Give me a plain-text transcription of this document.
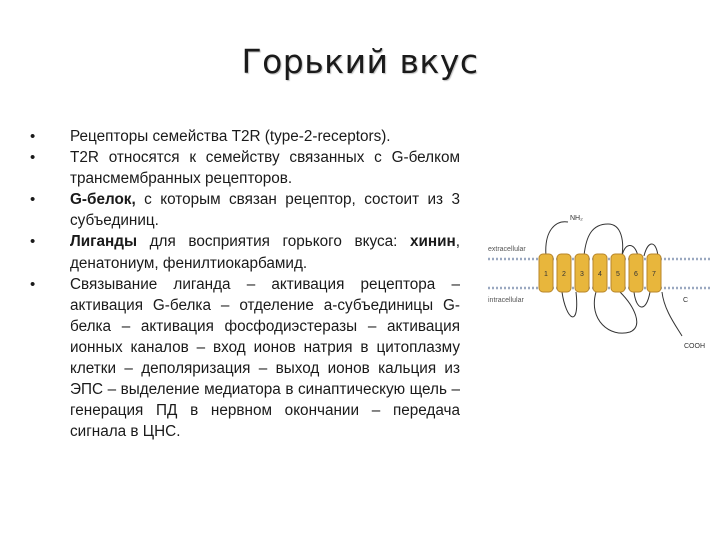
Горький вкус
• Рецепторы семейства T2R (type-2-receptors).
• T2R относятся к семейству связанных с G-белком трансмембранных рецепторов.
• G-белок, с которым связан рецептор, состоит из 3 субъединиц.
• Лиганды для восприятия горького вкуса: хинин, денатониум, фенилтиокарбамид.
• Связывание лиганда – активация рецептора – активация G-белка – отделение a-субъединицы G-белка – активация фосфодиэстеразы – активация ионных каналов – вход ионов натрия в цитоплазму клетки – деполяризация – выход ионов кальция из ЭПС – выделение медиатора в синаптическую щель – генерация ПД в нервном окончании – передача сигнала в ЦНС.
extracellular
intracellular
NH₂
COOH
C
1 2 3 4 5 6 7
